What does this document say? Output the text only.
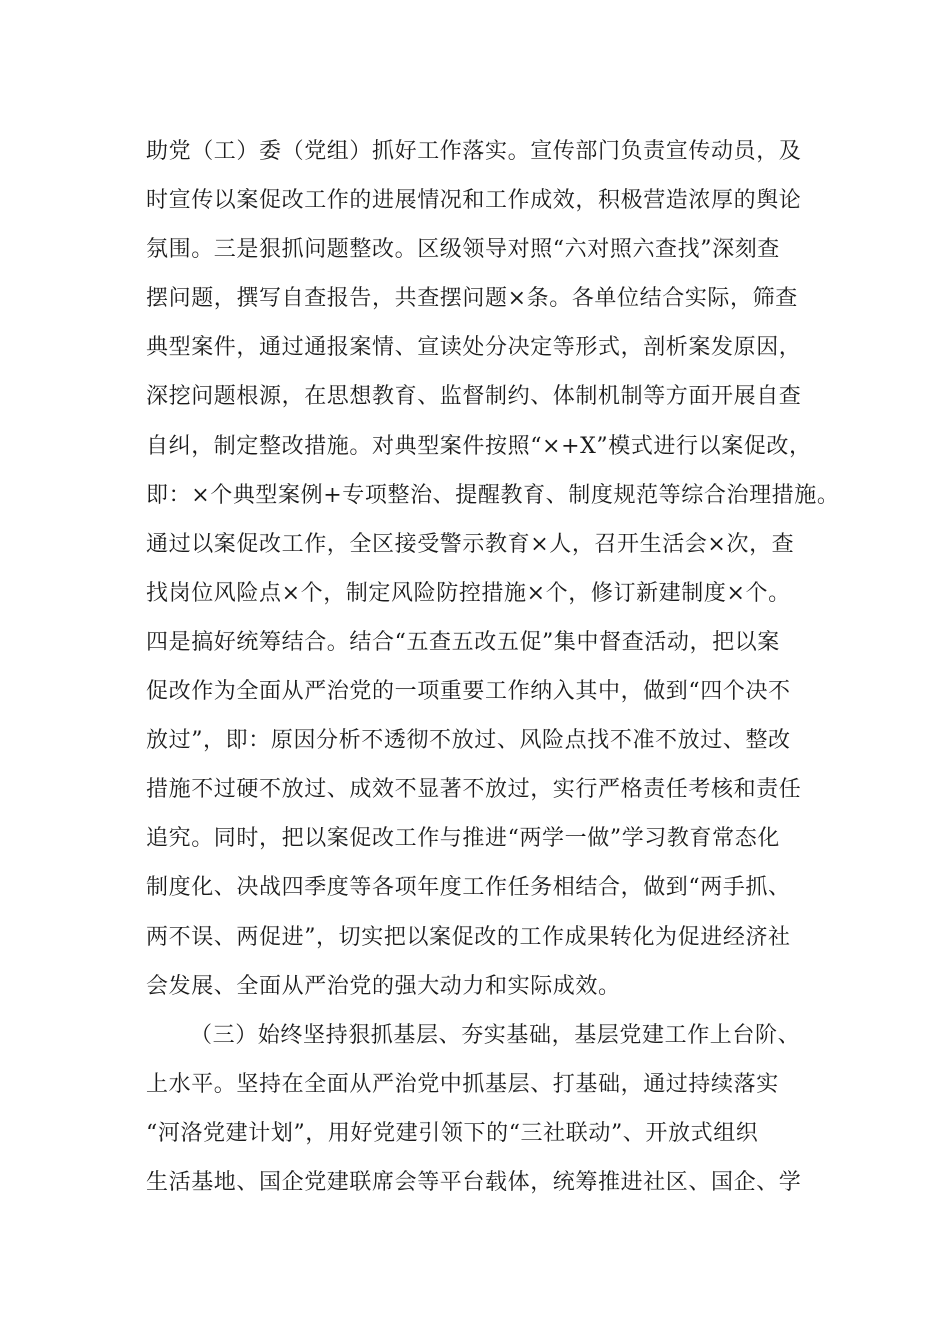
助党（工）委（党组）抓好工作落实。宣传部门负责宣传动员，及
时宣传以案促改工作的进展情况和工作成效，积极营造浓厚的舆论
氛围。三是狠抓问题整改。区级领导对照“六对照六查找”深刻查
摆问题，撰写自查报告，共查摆问题×条。各单位结合实际，筛查
典型案件，通过通报案情、宣读处分决定等形式，剖析案发原因，
深挖问题根源，在思想教育、监督制约、体制机制等方面开展自查
自纠，制定整改措施。对典型案件按照“×+X”模式进行以案促改，
即：×个典型案例+专项整治、提醒教育、制度规范等综合治理措施。
通过以案促改工作，全区接受警示教育×人，召开生活会×次，查
找岗位风险点×个，制定风险防控措施×个，修订新建制度×个。
四是搞好统筹结合。结合“五查五改五促”集中督查活动，把以案
促改作为全面从严治党的一项重要工作纳入其中，做到“四个决不
放过”，即：原因分析不透彻不放过、风险点找不准不放过、整改
措施不过硬不放过、成效不显著不放过，实行严格责任考核和责任
追究。同时，把以案促改工作与推进“两学一做”学习教育常态化
制度化、决战四季度等各项年度工作任务相结合，做到“两手抓、
两不误、两促进”，切实把以案促改的工作成果转化为促进经济社
会发展、全面从严治党的强大动力和实际成效。
（三）始终坚持狠抓基层、夯实基础，基层党建工作上台阶、
上水平。坚持在全面从严治党中抓基层、打基础，通过持续落实
“河洛党建计划”，用好党建引领下的“三社联动”、开放式组织
生活基地、国企党建联席会等平台载体，统筹推进社区、国企、学
